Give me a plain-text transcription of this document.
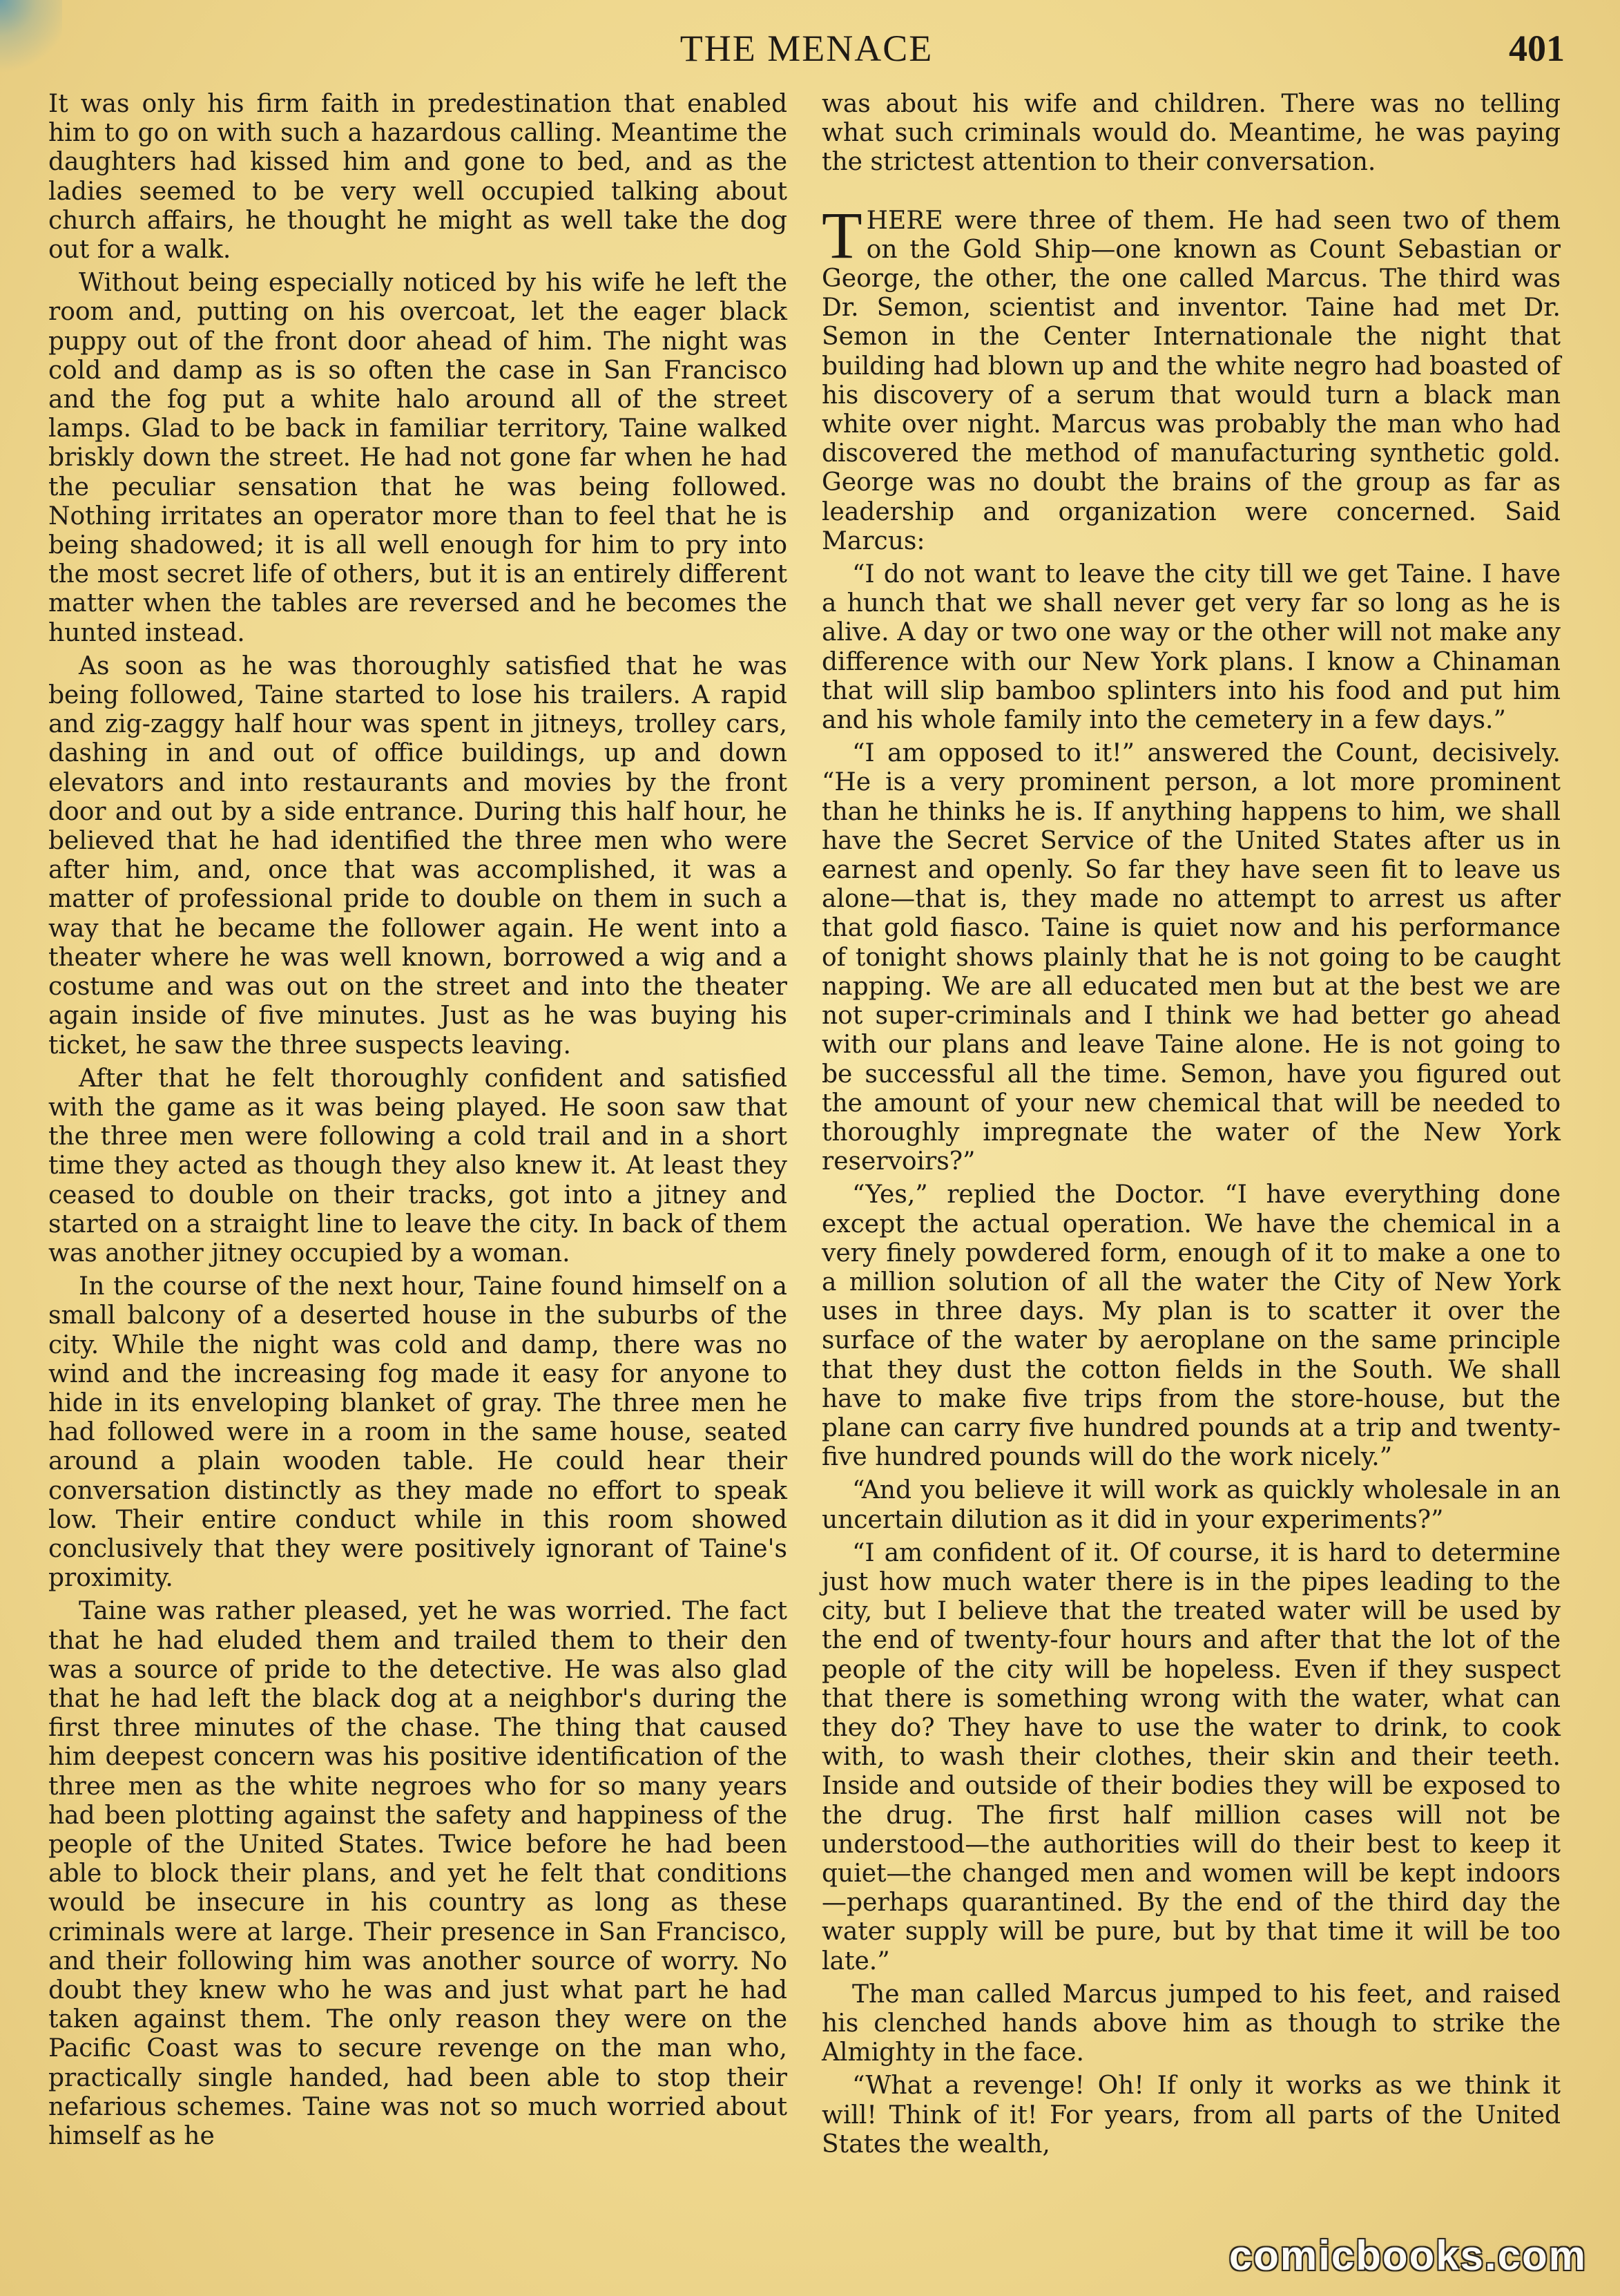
THE MENACE	401

It was only his firm faith in predestination that enabled him to go on with such a hazardous calling. Meantime the daughters had kissed him and gone to bed, and as the ladies seemed to be very well occupied talking about church affairs, he thought he might as well take the dog out for a walk.

Without being especially noticed by his wife he left the room and, putting on his overcoat, let the eager black puppy out of the front door ahead of him. The night was cold and damp as is so often the case in San Francisco and the fog put a white halo around all of the street lamps. Glad to be back in familiar territory, Taine walked briskly down the street. He had not gone far when he had the peculiar sensation that he was being followed. Nothing irritates an operator more than to feel that he is being shadowed; it is all well enough for him to pry into the most secret life of others, but it is an entirely different matter when the tables are reversed and he becomes the hunted instead.

As soon as he was thoroughly satisfied that he was being followed, Taine started to lose his trailers. A rapid and zig-zaggy half hour was spent in jitneys, trolley cars, dashing in and out of office buildings, up and down elevators and into restaurants and movies by the front door and out by a side entrance. During this half hour, he believed that he had identified the three men who were after him, and, once that was accomplished, it was a matter of professional pride to double on them in such a way that he became the follower again. He went into a theater where he was well known, borrowed a wig and a costume and was out on the street and into the theater again inside of five minutes. Just as he was buying his ticket, he saw the three suspects leaving.

After that he felt thoroughly confident and satisfied with the game as it was being played. He soon saw that the three men were following a cold trail and in a short time they acted as though they also knew it. At least they ceased to double on their tracks, got into a jitney and started on a straight line to leave the city. In back of them was another jitney occupied by a woman.

In the course of the next hour, Taine found himself on a small balcony of a deserted house in the suburbs of the city. While the night was cold and damp, there was no wind and the increasing fog made it easy for anyone to hide in its enveloping blanket of gray. The three men he had followed were in a room in the same house, seated around a plain wooden table. He could hear their conversation distinctly as they made no effort to speak low. Their entire conduct while in this room showed conclusively that they were positively ignorant of Taine's proximity.

Taine was rather pleased, yet he was worried. The fact that he had eluded them and trailed them to their den was a source of pride to the detective. He was also glad that he had left the black dog at a neighbor's during the first three minutes of the chase. The thing that caused him deepest concern was his positive identification of the three men as the white negroes who for so many years had been plotting against the safety and happiness of the people of the United States. Twice before he had been able to block their plans, and yet he felt that conditions would be insecure in his country as long as these criminals were at large. Their presence in San Francisco, and their following him was another source of worry. No doubt they knew who he was and just what part he had taken against them. The only reason they were on the Pacific Coast was to secure revenge on the man who, practically single handed, had been able to stop their nefarious schemes. Taine was not so much worried about himself as he

was about his wife and children. There was no telling what such criminals would do. Meantime, he was paying the strictest attention to their conversation.

THERE were three of them. He had seen two of them on the Gold Ship—one known as Count Sebastian or George, the other, the one called Marcus. The third was Dr. Semon, scientist and inventor. Taine had met Dr. Semon in the Center Internationale the night that building had blown up and the white negro had boasted of his discovery of a serum that would turn a black man white over night. Marcus was probably the man who had discovered the method of manufacturing synthetic gold. George was no doubt the brains of the group as far as leadership and organization were concerned. Said Marcus:

“I do not want to leave the city till we get Taine. I have a hunch that we shall never get very far so long as he is alive. A day or two one way or the other will not make any difference with our New York plans. I know a Chinaman that will slip bamboo splinters into his food and put him and his whole family into the cemetery in a few days.”

“I am opposed to it!” answered the Count, decisively. “He is a very prominent person, a lot more prominent than he thinks he is. If anything happens to him, we shall have the Secret Service of the United States after us in earnest and openly. So far they have seen fit to leave us alone—that is, they made no attempt to arrest us after that gold fiasco. Taine is quiet now and his performance of tonight shows plainly that he is not going to be caught napping. We are all educated men but at the best we are not super-criminals and I think we had better go ahead with our plans and leave Taine alone. He is not going to be successful all the time. Semon, have you figured out the amount of your new chemical that will be needed to thoroughly impregnate the water of the New York reservoirs?”

“Yes,” replied the Doctor. “I have everything done except the actual operation. We have the chemical in a very finely powdered form, enough of it to make a one to a million solution of all the water the City of New York uses in three days. My plan is to scatter it over the surface of the water by aeroplane on the same principle that they dust the cotton fields in the South. We shall have to make five trips from the store-house, but the plane can carry five hundred pounds at a trip and twenty-five hundred pounds will do the work nicely.”

“And you believe it will work as quickly wholesale in an uncertain dilution as it did in your experiments?”

“I am confident of it. Of course, it is hard to determine just how much water there is in the pipes leading to the city, but I believe that the treated water will be used by the end of twenty-four hours and after that the lot of the people of the city will be hopeless. Even if they suspect that there is something wrong with the water, what can they do? They have to use the water to drink, to cook with, to wash their clothes, their skin and their teeth. Inside and outside of their bodies they will be exposed to the drug. The first half million cases will not be understood—the authorities will do their best to keep it quiet—the changed men and women will be kept indoors—perhaps quarantined. By the end of the third day the water supply will be pure, but by that time it will be too late.”

The man called Marcus jumped to his feet, and raised his clenched hands above him as though to strike the Almighty in the face.

“What a revenge! Oh! If only it works as we think it will! Think of it! For years, from all parts of the United States the wealth,

comicbooks.com
